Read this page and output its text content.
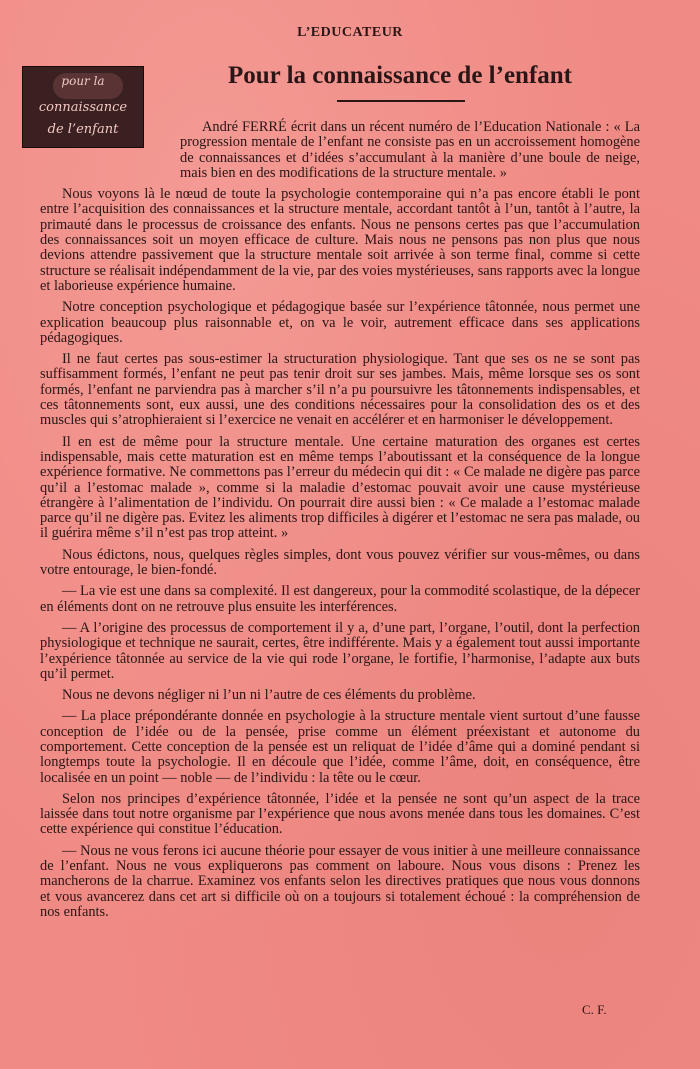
L’EDUCATEUR
pour la
connaissance
de l’enfant
Pour la connaissance de l’enfant

André FERRÉ écrit dans un récent numéro de l’Education Nationale : « La progression mentale de l’enfant ne consiste pas en un accroissement homogène de connaissances et d’idées s’accumulant à la manière d’une boule de neige, mais bien en des modifications de la structure mentale. »

Nous voyons là le nœud de toute la psychologie contemporaine qui n’a pas encore établi le pont entre l’acquisition des connaissances et la structure mentale, accordant tantôt à l’un, tantôt à l’autre, la primauté dans le processus de croissance des enfants. Nous ne pensons certes pas que l’accumulation des connaissances soit un moyen efficace de culture. Mais nous ne pensons pas non plus que nous devions attendre passivement que la structure mentale soit arrivée à son terme final, comme si cette structure se réalisait indépendamment de la vie, par des voies mystérieuses, sans rapports avec la longue et laborieuse expérience humaine.

Notre conception psychologique et pédagogique basée sur l’expérience tâtonnée, nous permet une explication beaucoup plus raisonnable et, on va le voir, autrement efficace dans ses applications pédagogiques.

Il ne faut certes pas sous-estimer la structuration physiologique. Tant que ses os ne se sont pas suffisamment formés, l’enfant ne peut pas tenir droit sur ses jambes. Mais, même lorsque ses os sont formés, l’enfant ne parviendra pas à marcher s’il n’a pu poursuivre les tâtonnements indispensables, et ces tâtonnements sont, eux aussi, une des conditions nécessaires pour la consolidation des os et des muscles qui s’atrophieraient si l’exercice ne venait en accélérer et en harmoniser le développement.

Il en est de même pour la structure mentale. Une certaine maturation des organes est certes indispensable, mais cette maturation est en même temps l’aboutissant et la conséquence de la longue expérience formative. Ne commettons pas l’erreur du médecin qui dit : « Ce malade ne digère pas parce qu’il a l’estomac malade », comme si la maladie d’estomac pouvait avoir une cause mystérieuse étrangère à l’alimentation de l’individu. On pourrait dire aussi bien : « Ce malade a l’estomac malade parce qu’il ne digère pas. Evitez les aliments trop difficiles à digérer et l’estomac ne sera pas malade, ou il guérira même s’il n’est pas trop atteint. »

Nous édictons, nous, quelques règles simples, dont vous pouvez vérifier sur vous-mêmes, ou dans votre entourage, le bien-fondé.

— La vie est une dans sa complexité. Il est dangereux, pour la commodité scolastique, de la dépecer en éléments dont on ne retrouve plus ensuite les interférences.

— A l’origine des processus de comportement il y a, d’une part, l’organe, l’outil, dont la perfection physiologique et technique ne saurait, certes, être indifférente. Mais y a également tout aussi importante l’expérience tâtonnée au service de la vie qui rode l’organe, le fortifie, l’harmonise, l’adapte aux buts qu’il permet.

Nous ne devons négliger ni l’un ni l’autre de ces éléments du problème.

— La place prépondérante donnée en psychologie à la structure mentale vient surtout d’une fausse conception de l’idée ou de la pensée, prise comme un élément préexistant et autonome du comportement. Cette conception de la pensée est un reliquat de l’idée d’âme qui a dominé pendant si longtemps toute la psychologie. Il en découle que l’idée, comme l’âme, doit, en conséquence, être localisée en un point — noble — de l’individu : la tête ou le cœur.

Selon nos principes d’expérience tâtonnée, l’idée et la pensée ne sont qu’un aspect de la trace laissée dans tout notre organisme par l’expérience que nous avons menée dans tous les domaines. C’est cette expérience qui constitue l’éducation.

— Nous ne vous ferons ici aucune théorie pour essayer de vous initier à une meilleure connaissance de l’enfant. Nous ne vous expliquerons pas comment on laboure. Nous vous disons : Prenez les mancherons de la charrue. Examinez vos enfants selon les directives pratiques que nous vous donnons et vous avancerez dans cet art si difficile où on a toujours si totalement échoué : la compréhension de nos enfants.

C. F.
